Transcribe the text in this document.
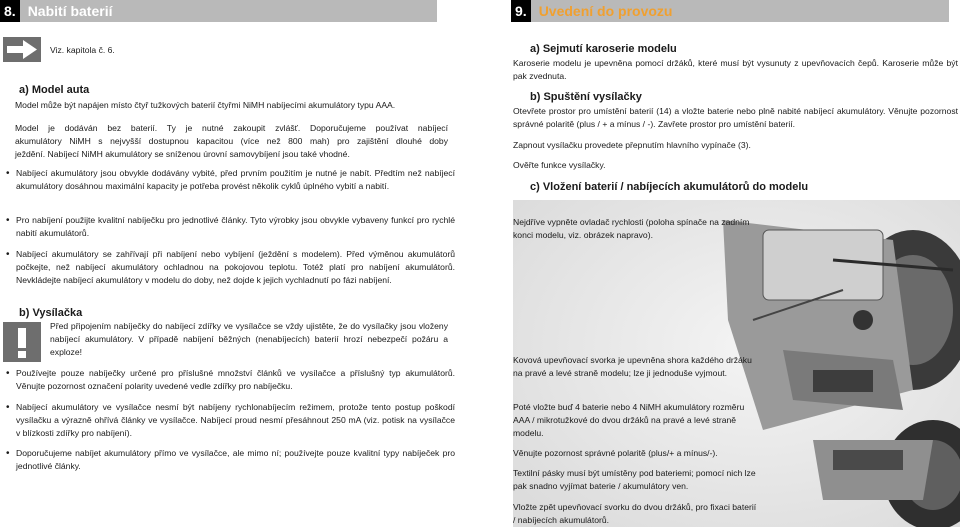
8. Nabití baterií
Viz. kapitola č. 6.
a) Model auta
Model může být napájen místo čtyř tužkových baterií čtyřmi NiMH nabíjecími akumulátory typu AAA.

Model je dodáván bez baterií. Ty je nutné zakoupit zvlášť. Doporučujeme používat nabíjecí

akumulátory NiMH s nejvyšší dostupnou kapacitou (více než 800 mah) pro zajištění dlouhé doby

ježdění. Nabíjecí NiMH akumulátory se sníženou úrovní samovybíjení jsou také vhodné.

• Nabíjecí akumulátory jsou obvykle dodávány vybité, před prvním použitím je nutné je nabít. Předtím než nabíjecí akumulátory dosáhnou maximální kapacity je potřeba provést několik cyklů úplného vybití a nabití.
• Pro nabíjení použijte kvalitní nabíječku pro jednotlivé články. Tyto výrobky jsou obvykle vybaveny funkcí pro rychlé nabití akumulátorů.
• Nabíjecí akumulátory se zahřívají při nabíjení nebo vybíjení (ježdění s modelem). Před výměnou akumulátorů počkejte, než nabíjecí akumulátory ochladnou na pokojovou teplotu. Totéž platí pro nabíjení akumulátorů. Nevkládejte nabíjecí akumulátory v modelu do doby, než dojde k jejich vychladnutí po fázi nabíjení.
b) Vysílačka
Před připojením nabíječky do nabíjecí zdířky ve vysílačce se vždy ujistěte, že do vysílačky jsou vloženy nabíjecí akumulátory. V případě nabíjení běžných (nenabíjecích) baterií hrozí nebezpečí požáru a exploze!
• Používejte pouze nabíječky určené pro příslušné množství článků ve vysílačce a příslušný typ akumulátorů. Věnujte pozornost označení polarity uvedené vedle zdířky pro nabíječku.
• Nabíjecí akumulátory ve vysílačce nesmí být nabíjeny rychlonabíjecím režimem, protože tento postup poškodí vysílačku a výrazně ohřívá články ve vysílačce. Nabíjecí proud nesmí přesáhnout 250 mA (viz. potisk na vysílačce v blízkosti zdířky pro nabíjení).
• Doporučujeme nabíjet akumulátory přímo ve vysílačce, ale mimo ní; používejte pouze kvalitní typy nabíječek pro jednotlivé články.
9. Uvedení do provozu
a) Sejmutí karoserie modelu
Karoserie modelu je upevněna pomocí držáků, které musí být vysunuty z upevňovacích čepů. Karoserie může být pak zvednuta.
b) Spuštění vysílačky
Otevřete prostor pro umístění baterií (14) a vložte baterie nebo plně nabité nabíjecí akumulátory. Věnujte pozornost správné polaritě (plus / + a mínus / -). Zavřete prostor pro umístění baterií.
Zapnout vysílačku provedete přepnutím hlavního vypínače (3).
Ověřte funkce vysílačky.
c) Vložení baterií / nabíjecích akumulátorů do modelu
Nejdříve vypněte ovladač rychlosti (poloha spínače na zadním konci modelu, viz. obrázek napravo).
Kovová upevňovací svorka je upevněna shora každého držáku na pravé a levé straně modelu; lze ji jednoduše vyjmout.
Poté vložte buď 4 baterie nebo 4 NiMH akumulátory rozměru AAA / mikrotužkové do dvou držáků na pravé a levé straně modelu.
Věnujte pozornost správné polaritě (plus/+ a mínus/-).
Textilní pásky musí být umístěny pod bateriemi; pomocí nich lze pak snadno vyjímat baterie / akumulátory ven.
Vložte zpět upevňovací svorku do dvou držáků, pro fixaci baterií / nabíjecích akumulátorů.
